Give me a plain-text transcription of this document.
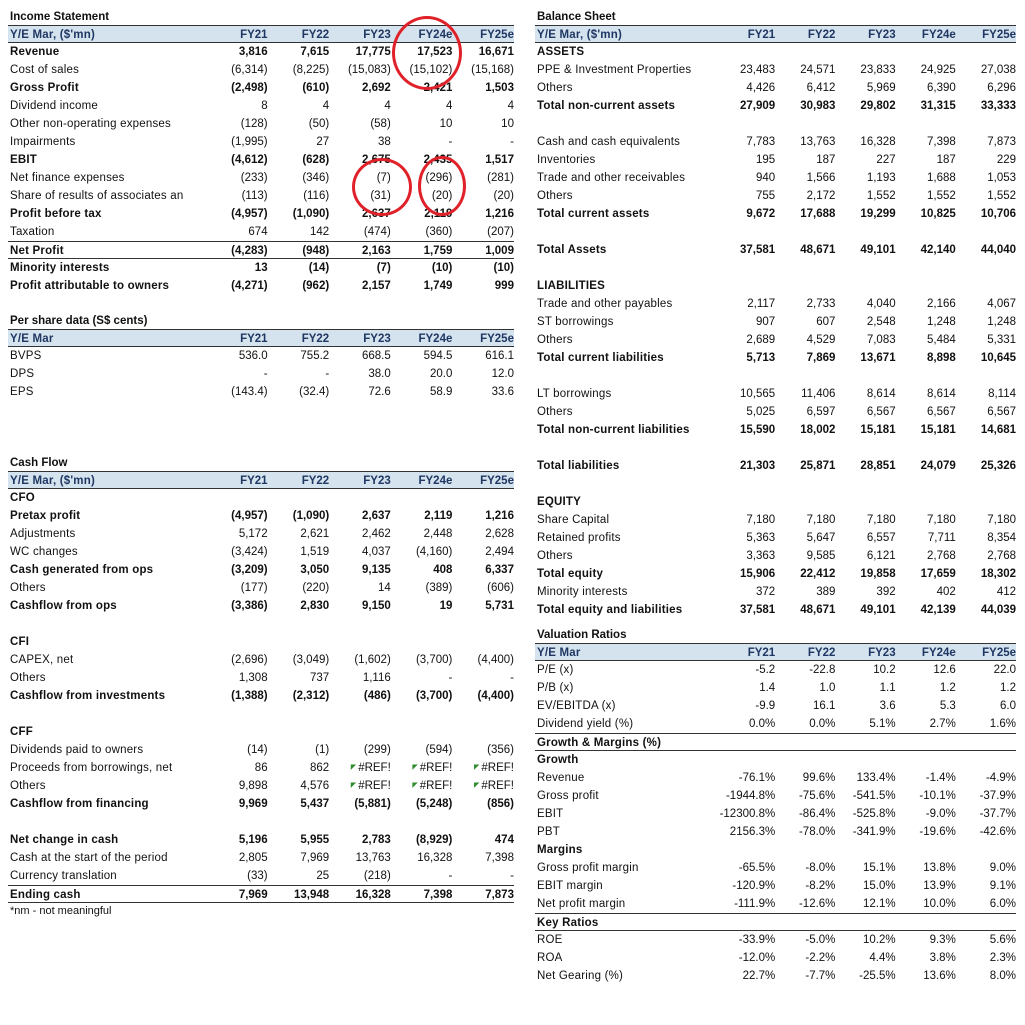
Income Statement
Y/E Mar, ($'mn)	FY21	FY22	FY23	FY24e	FY25e
Revenue	3,816	7,615	17,775	17,523	16,671
Cost of sales	(6,314)	(8,225)	(15,083)	(15,102)	(15,168)
Gross Profit	(2,498)	(610)	2,692	2,421	1,503
Dividend income	8	4	4	4	4
Other non-operating expenses	(128)	(50)	(58)	10	10
Impairments	(1,995)	27	38	-	-
EBIT	(4,612)	(628)	2,675	2,435	1,517
Net finance expenses	(233)	(346)	(7)	(296)	(281)
Share of results of associates an	(113)	(116)	(31)	(20)	(20)
Profit before tax	(4,957)	(1,090)	2,637	2,119	1,216
Taxation	674	142	(474)	(360)	(207)
Net Profit	(4,283)	(948)	2,163	1,759	1,009
Minority interests	13	(14)	(7)	(10)	(10)
Profit attributable to owners	(4,271)	(962)	2,157	1,749	999
Per share data (S$ cents)
Y/E Mar	FY21	FY22	FY23	FY24e	FY25e
BVPS	536.0	755.2	668.5	594.5	616.1
DPS	-	-	38.0	20.0	12.0
EPS	(143.4)	(32.4)	72.6	58.9	33.6
Cash Flow
Y/E Mar, ($'mn)	FY21	FY22	FY23	FY24e	FY25e
CFO
Pretax profit	(4,957)	(1,090)	2,637	2,119	1,216
Adjustments	5,172	2,621	2,462	2,448	2,628
WC changes	(3,424)	1,519	4,037	(4,160)	2,494
Cash generated from ops	(3,209)	3,050	9,135	408	6,337
Others	(177)	(220)	14	(389)	(606)
Cashflow from ops	(3,386)	2,830	9,150	19	5,731
CFI
CAPEX, net	(2,696)	(3,049)	(1,602)	(3,700)	(4,400)
Others	1,308	737	1,116	-	-
Cashflow from investments	(1,388)	(2,312)	(486)	(3,700)	(4,400)
CFF
Dividends paid to owners	(14)	(1)	(299)	(594)	(356)
Proceeds from borrowings, net	86	862	◤ #REF!	◤ #REF!	◤ #REF!
Others	9,898	4,576	◤ #REF!	◤ #REF!	◤ #REF!
Cashflow from financing	9,969	5,437	(5,881)	(5,248)	(856)
Net change in cash	5,196	5,955	2,783	(8,929)	474
Cash at the start of the period	2,805	7,969	13,763	16,328	7,398
Currency translation	(33)	25	(218)	-	-
Ending cash	7,969	13,948	16,328	7,398	7,873
*nm - not meaningful
Balance Sheet
Y/E Mar, ($'mn)	FY21	FY22	FY23	FY24e	FY25e
ASSETS
PPE & Investment Properties	23,483	24,571	23,833	24,925	27,038
Others	4,426	6,412	5,969	6,390	6,296
Total non-current assets	27,909	30,983	29,802	31,315	33,333
Cash and cash equivalents	7,783	13,763	16,328	7,398	7,873
Inventories	195	187	227	187	229
Trade and other receivables	940	1,566	1,193	1,688	1,053
Others	755	2,172	1,552	1,552	1,552
Total current assets	9,672	17,688	19,299	10,825	10,706
Total Assets	37,581	48,671	49,101	42,140	44,040
LIABILITIES
Trade and other payables	2,117	2,733	4,040	2,166	4,067
ST borrowings	907	607	2,548	1,248	1,248
Others	2,689	4,529	7,083	5,484	5,331
Total current liabilities	5,713	7,869	13,671	8,898	10,645
LT borrowings	10,565	11,406	8,614	8,614	8,114
Others	5,025	6,597	6,567	6,567	6,567
Total non-current liabilities	15,590	18,002	15,181	15,181	14,681
Total liabilities	21,303	25,871	28,851	24,079	25,326
EQUITY
Share Capital	7,180	7,180	7,180	7,180	7,180
Retained profits	5,363	5,647	6,557	7,711	8,354
Others	3,363	9,585	6,121	2,768	2,768
Total equity	15,906	22,412	19,858	17,659	18,302
Minority interests	372	389	392	402	412
Total equity and liabilities	37,581	48,671	49,101	42,139	44,039
Valuation Ratios
Y/E Mar	FY21	FY22	FY23	FY24e	FY25e
P/E (x)	-5.2	-22.8	10.2	12.6	22.0
P/B (x)	1.4	1.0	1.1	1.2	1.2
EV/EBITDA (x)	-9.9	16.1	3.6	5.3	6.0
Dividend yield (%)	0.0%	0.0%	5.1%	2.7%	1.6%
Growth & Margins (%)
Growth
Revenue	-76.1%	99.6%	133.4%	-1.4%	-4.9%
Gross profit	-1944.8%	-75.6%	-541.5%	-10.1%	-37.9%
EBIT	-12300.8%	-86.4%	-525.8%	-9.0%	-37.7%
PBT	2156.3%	-78.0%	-341.9%	-19.6%	-42.6%
Margins
Gross profit margin	-65.5%	-8.0%	15.1%	13.8%	9.0%
EBIT margin	-120.9%	-8.2%	15.0%	13.9%	9.1%
Net profit margin	-111.9%	-12.6%	12.1%	10.0%	6.0%
Key Ratios
ROE	-33.9%	-5.0%	10.2%	9.3%	5.6%
ROA	-12.0%	-2.2%	4.4%	3.8%	2.3%
Net Gearing (%)	22.7%	-7.7%	-25.5%	13.6%	8.0%
